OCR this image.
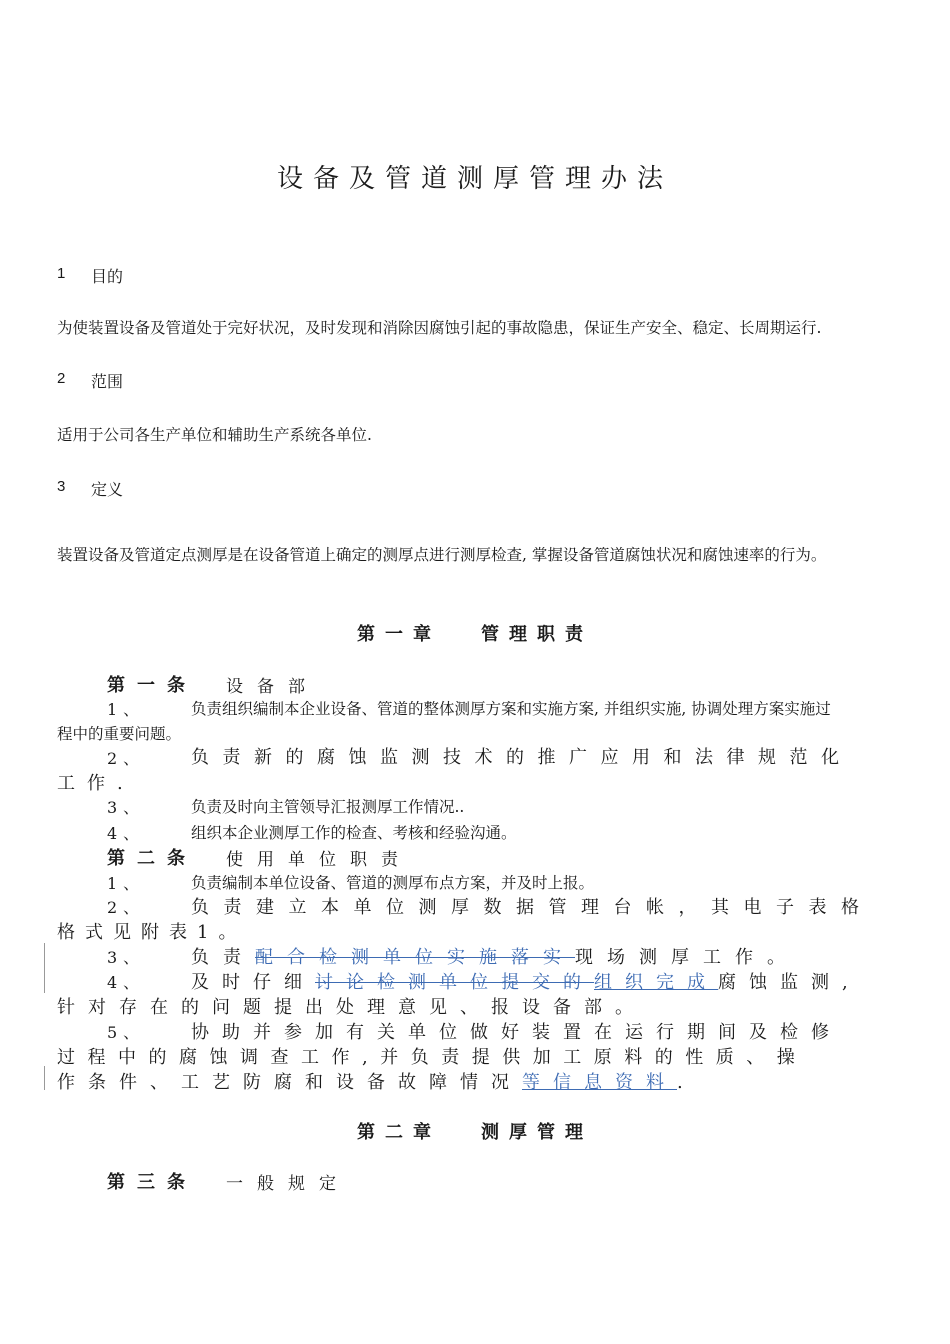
设备及管道测厚管理办法
1 目的
为使装置设备及管道处于完好状况，及时发现和消除因腐蚀引起的事故隐患，保证生产安全、稳定、长周期运行.
2 范围
适用于公司各生产单位和辅助生产系统各单位.
3 定义
装置设备及管道定点测厚是在设备管道上确定的测厚点进行测厚检查, 掌握设备管道腐蚀状况和腐蚀速率的行为。
第一章 管理职责
第一条 设备部
1、	负责组织编制本企业设备、管道的整体测厚方案和实施方案, 并组织实施, 协调处理方案实施过
程中的重要问题。
2、	负责新的腐蚀监测技术的推广应用和法律规范化
工作.
3、	负责及时向主管领导汇报测厚工作情况..
4、	组织本企业测厚工作的检查、考核和经验沟通。
第二条 使用单位职责
1、	负责编制本单位设备、管道的测厚布点方案，并及时上报。
2、	负责建立本单位测厚数据管理台帐，其电子表格
格式见附表1。
3、	负责配合检测单位实施落实现场测厚工作。
4、	及时仔细讨论检测单位提交的组织完成腐蚀监测,
针对存在的问题提出处理意见、报设备部。
5、	协助并参加有关单位做好装置在运行期间及检修
过程中的腐蚀调查工作,并负责提供加工原料的性质、操
作条件、工艺防腐和设备故障情况等信息资料.
第二章 测厚管理
第三条 一般规定
